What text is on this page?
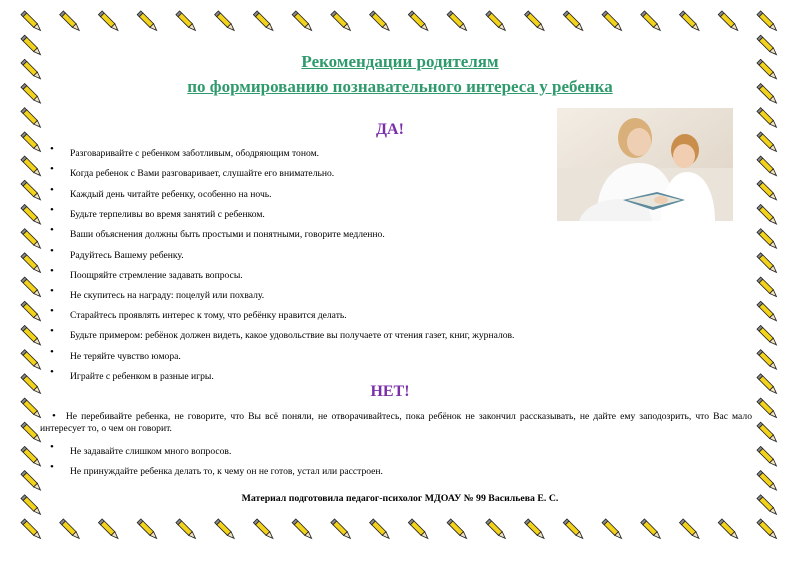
Рекомендации родителям
по формированию познавательного интереса у ребенка
ДА!
• Разговаривайте с ребенком заботливым, ободряющим тоном.
• Когда ребенок с Вами разговаривает, слушайте его внимательно.
• Каждый день читайте ребенку, особенно на ночь.
• Будьте терпеливы во время занятий с ребенком.
• Ваши объяснения должны быть простыми и понятными, говорите медленно.
• Радуйтесь Вашему ребенку.
• Поощряйте стремление задавать вопросы.
• Не скупитесь на награду: поцелуй или похвалу.
• Старайтесь проявлять интерес к тому, что ребёнку нравится делать.
• Будьте примером: ребёнок должен видеть, какое удовольствие вы получаете от чтения газет, книг, журналов.
• Не теряйте чувство юмора.
• Играйте с ребенком в разные игры.
НЕТ!
• Не перебивайте ребенка, не говорите, что Вы всё поняли, не отворачивайтесь, пока ребёнок не закончил рассказывать, не дайте ему заподозрить, что Вас мало интересует то, о чем он говорит.
• Не задавайте слишком много вопросов.
• Не принуждайте ребенка делать то, к чему он не готов, устал или расстроен.
Материал подготовила педагог-психолог МДОАУ № 99 Васильева Е. С.
